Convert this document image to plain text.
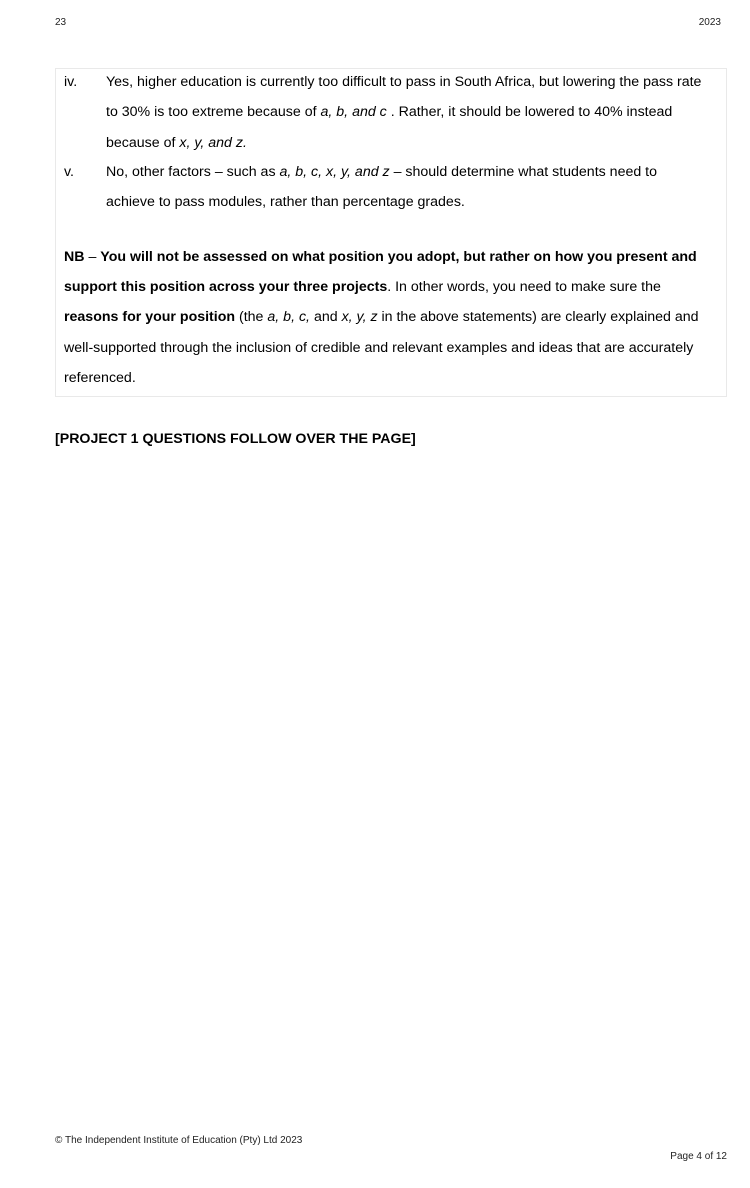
23	2023
iv. Yes, higher education is currently too difficult to pass in South Africa, but lowering the pass rate to 30% is too extreme because of a, b, and c . Rather, it should be lowered to 40% instead because of x, y, and z.
v. No, other factors – such as a, b, c, x, y, and z – should determine what students need to achieve to pass modules, rather than percentage grades.
NB – You will not be assessed on what position you adopt, but rather on how you present and support this position across your three projects. In other words, you need to make sure the reasons for your position (the a, b, c, and x, y, z in the above statements) are clearly explained and well-supported through the inclusion of credible and relevant examples and ideas that are accurately referenced.
[PROJECT 1 QUESTIONS FOLLOW OVER THE PAGE]
© The Independent Institute of Education (Pty) Ltd 2023
Page 4 of 12
